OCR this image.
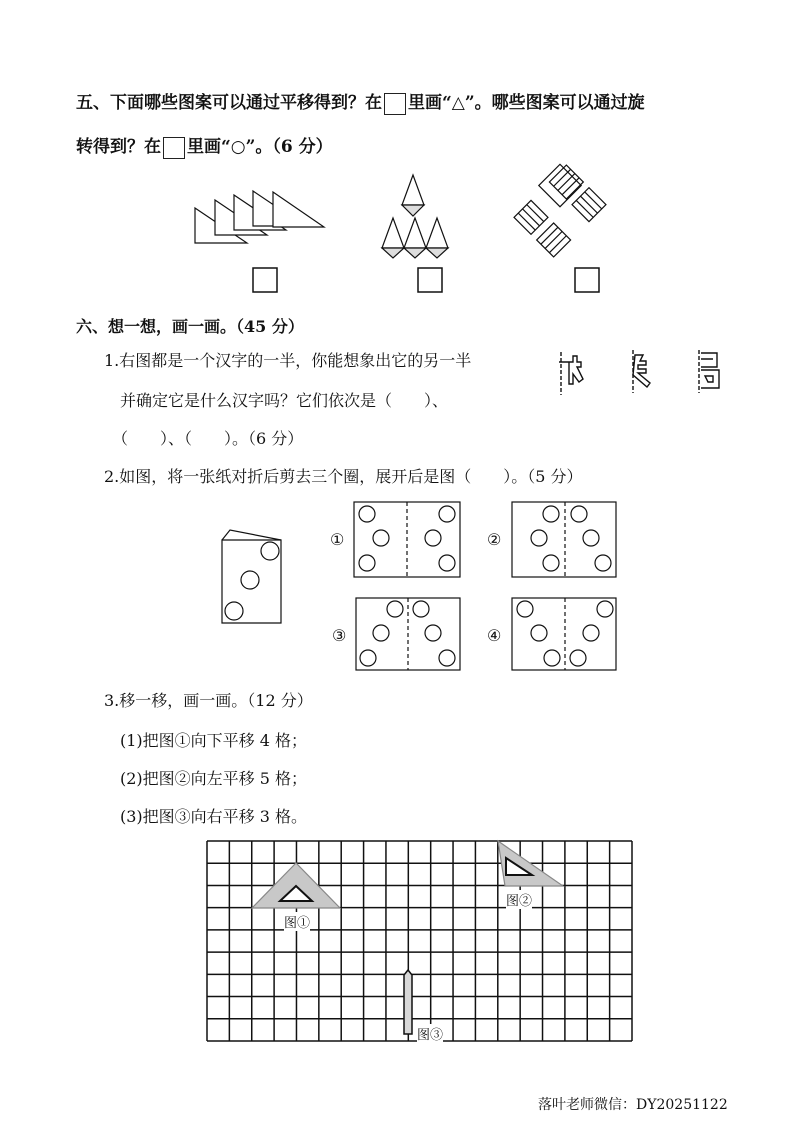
五、下面哪些图案可以通过平移得到？在 里画“△”。哪些图案可以通过旋
转得到？在 里画“○”。（6 分）
六、想一想，画一画。（45 分）
1.右图都是一个汉字的一半，你能想象出它的另一半
并确定它是什么汉字吗？它们依次是（　　）、
（　　）、（　　）。（6 分）
2.如图，将一张纸对折后剪去三个圈，展开后是图（　　）。（5 分）
①	②
③	④
3.移一移，画一画。（12 分）
(1)把图①向下平移 4 格；
(2)把图②向左平移 5 格；
(3)把图③向右平移 3 格。
图①
图②
图③
落叶老师微信：DY20251122
